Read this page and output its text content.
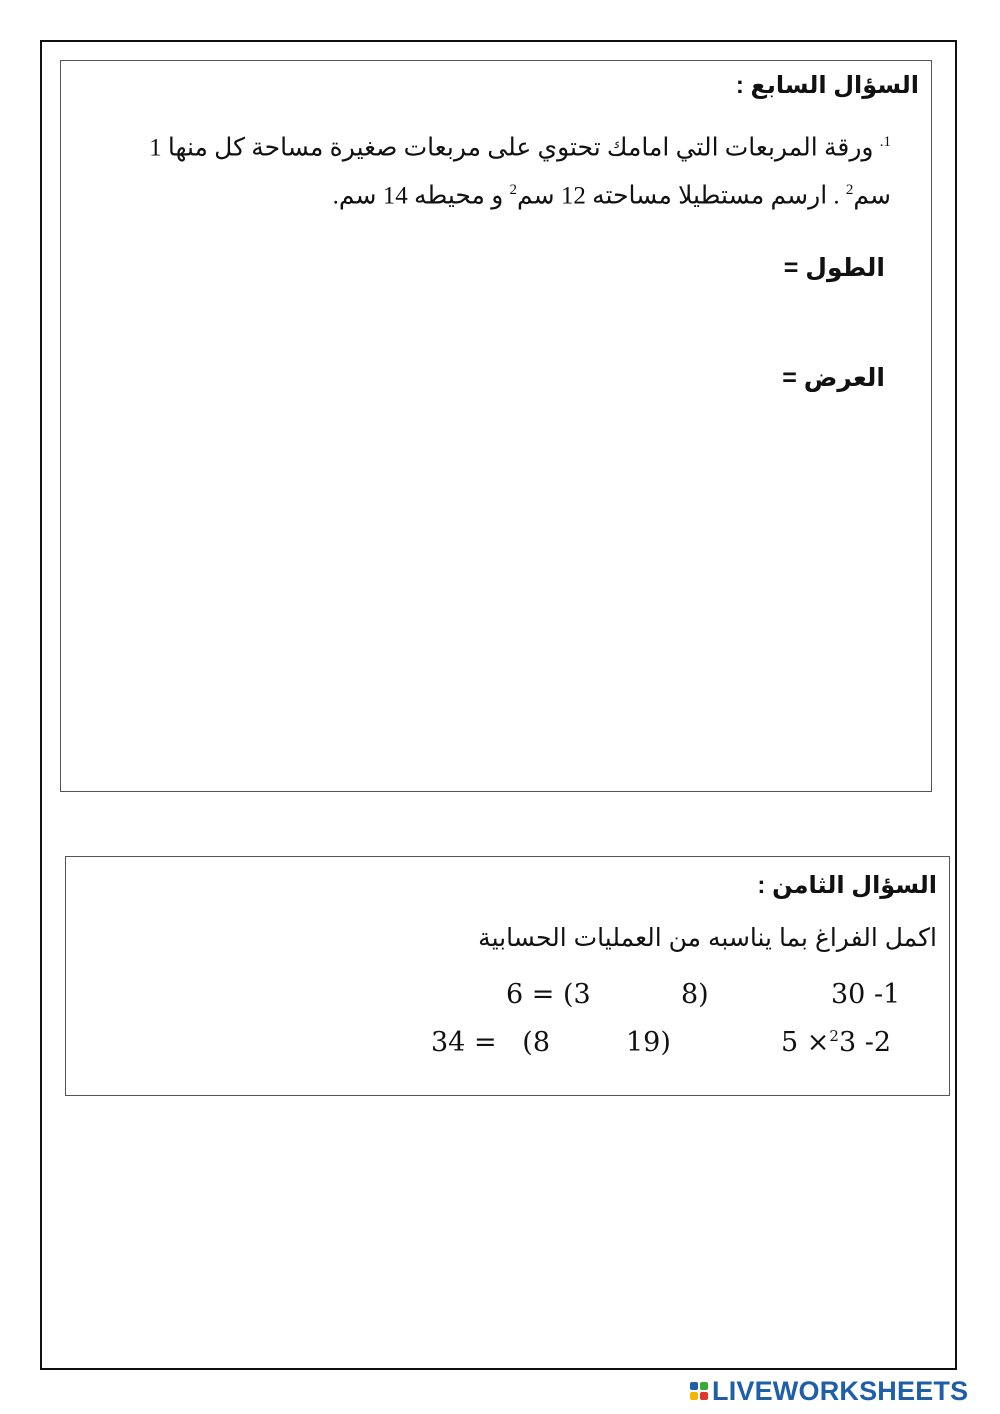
السؤال السابع :
$^{1.}$ ورقة المربعات التي امامك تحتوي على مربعات صغيرة مساحة كل منها 1
سم$^2$ . ارسم مستطيلا مساحته 12 سم$^2$ و محيطه 14 سم.
الطول =
العرض =
السؤال الثامن :
اكمل الفراغ بما يناسبه من العمليات الحسابية
6 = (3	8)	30 -1
34 =   (8	19)	5 ×$^2$3 -2
LIVEWORKSHEETS
